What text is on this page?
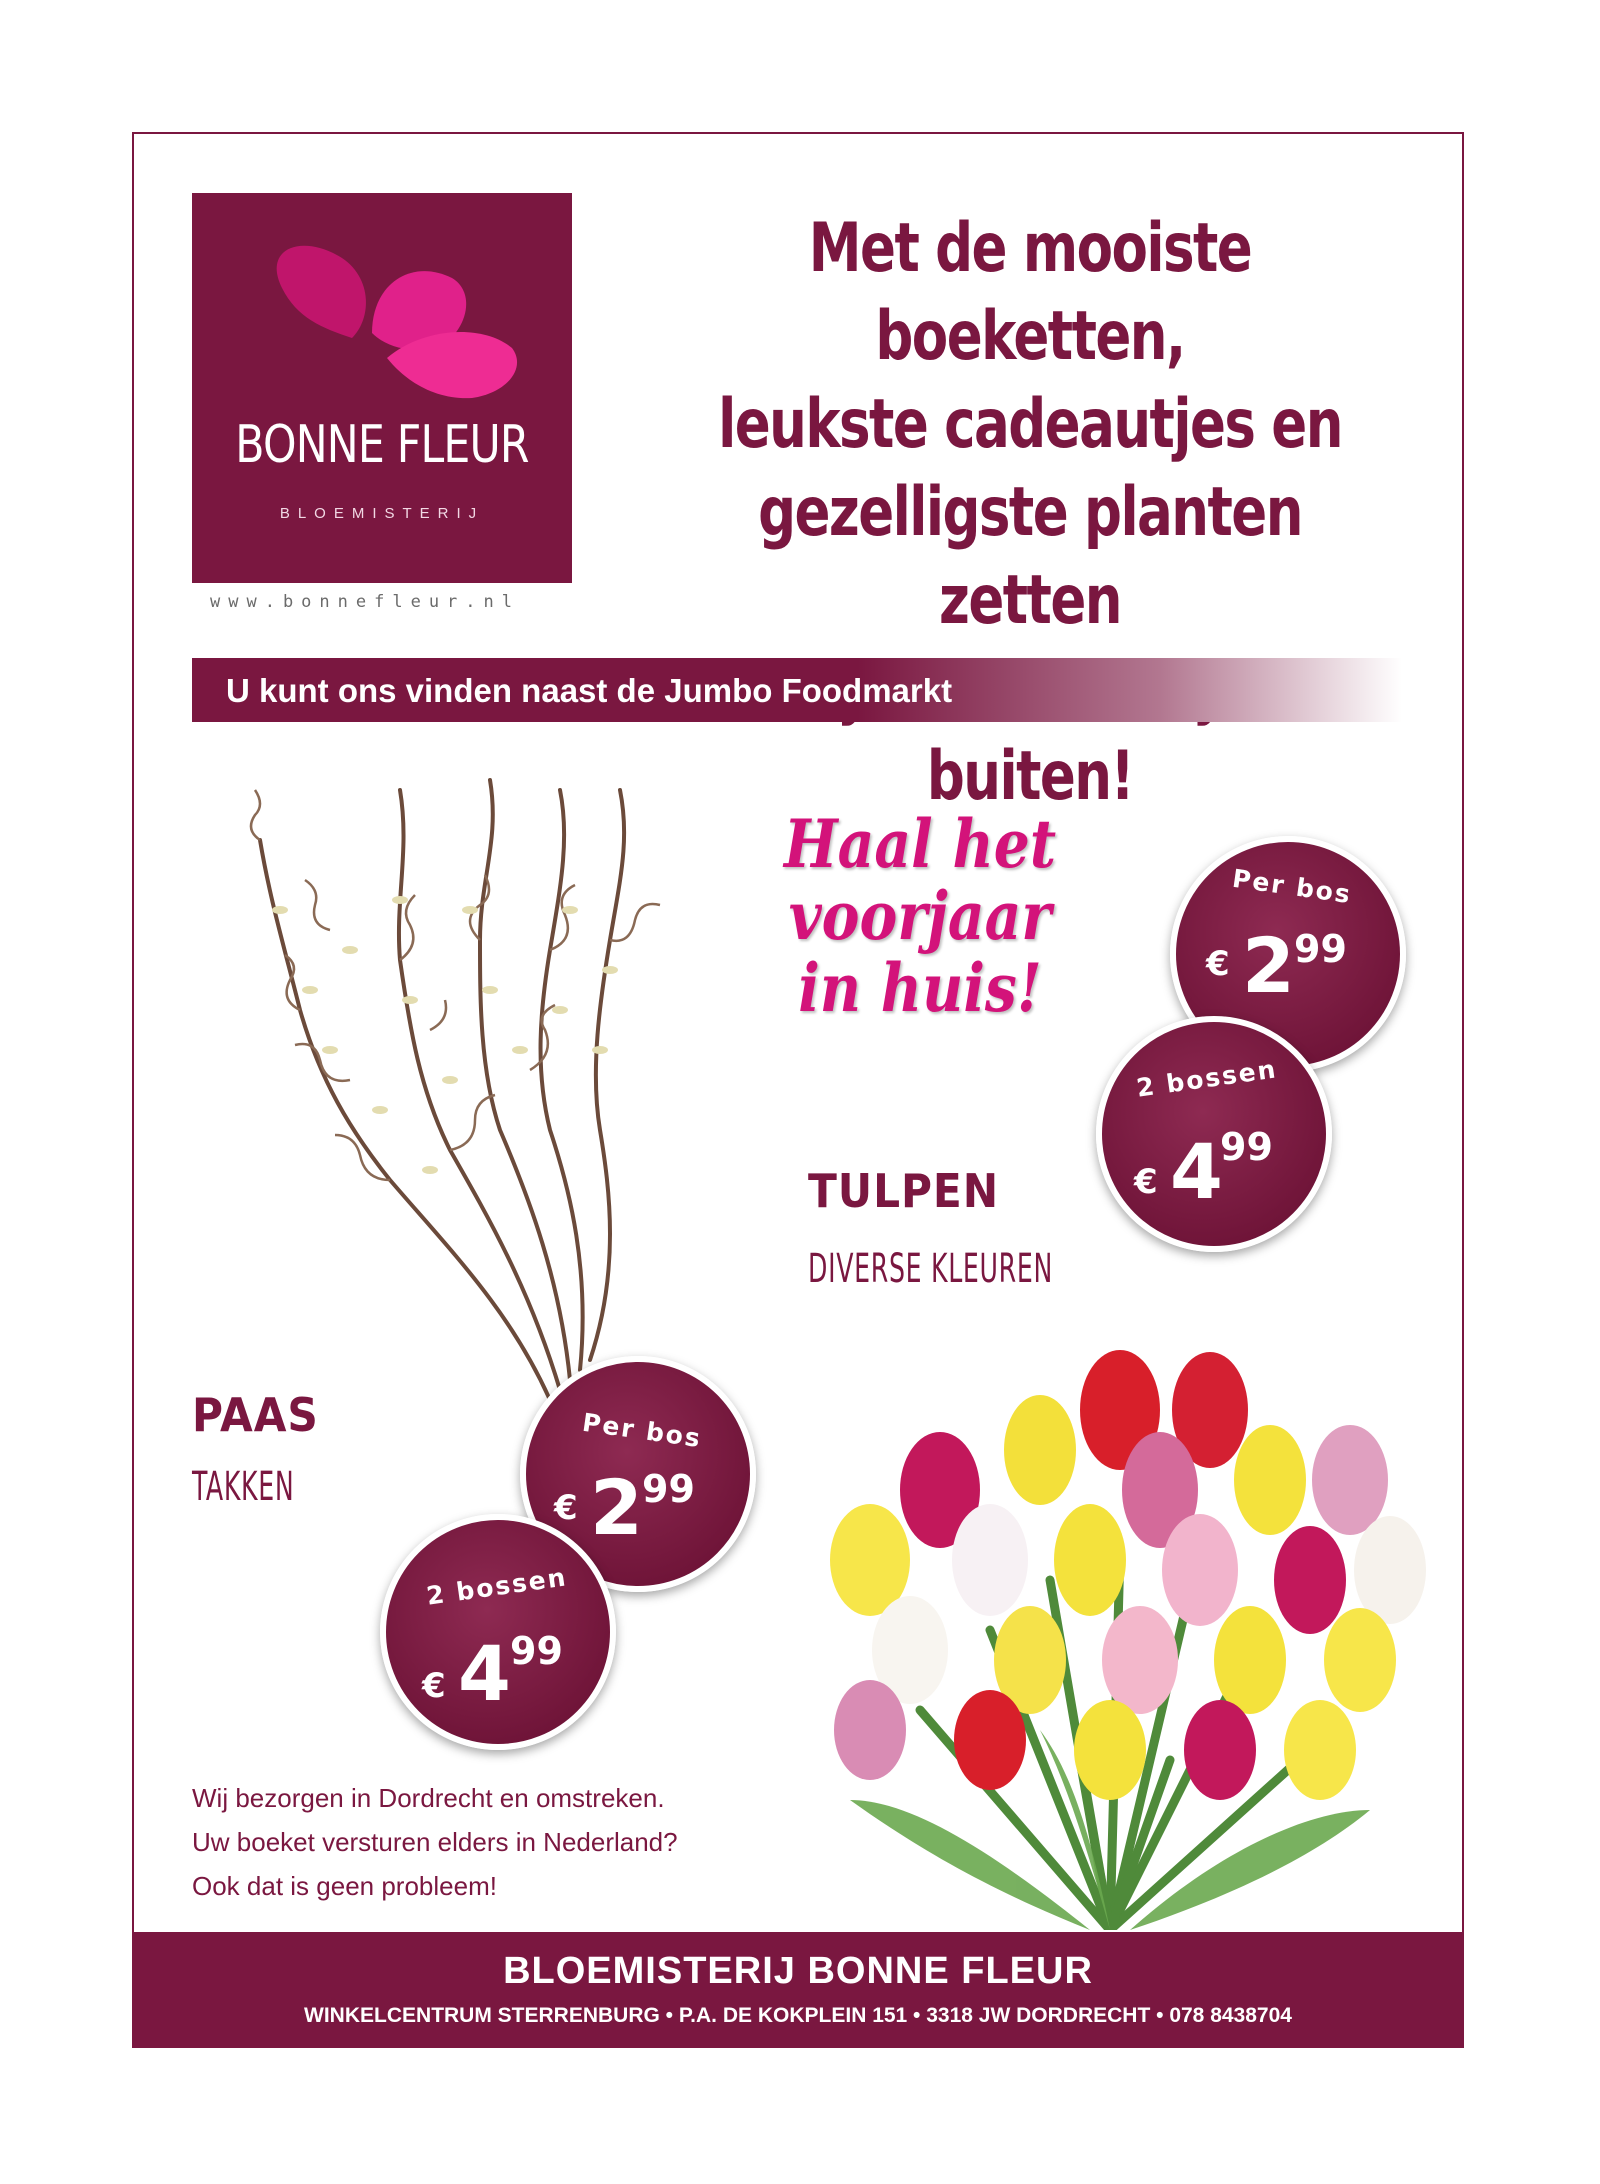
BONNE FLEUR
BLOEMISTERIJ
www.bonnefleur.nl
Met de mooiste boeketten,
leukste cadeautjes en
gezelligste planten zetten
buiten!
U kunt ons vinden naast de Jumbo Foodmarkt
Haal het
voorjaar
in huis!
Per bos
€ 2 99
2 bossen
€ 4
99
TULPEN
DIVERSE KLEUREN
PAAS
TAKKEN
Per bos
€ 2 99
2 bossen
€ 4 99
Wij bezorgen in Dordrecht en omstreken.
Uw boeket versturen elders in Nederland?
Ook dat is geen probleem!
BLOEMISTERIJ BONNE FLEUR
WINKELCENTRUM STERRENBURG • P.A. DE KOKPLEIN 151 • 3318 JW DORDRECHT • 078 8438704
